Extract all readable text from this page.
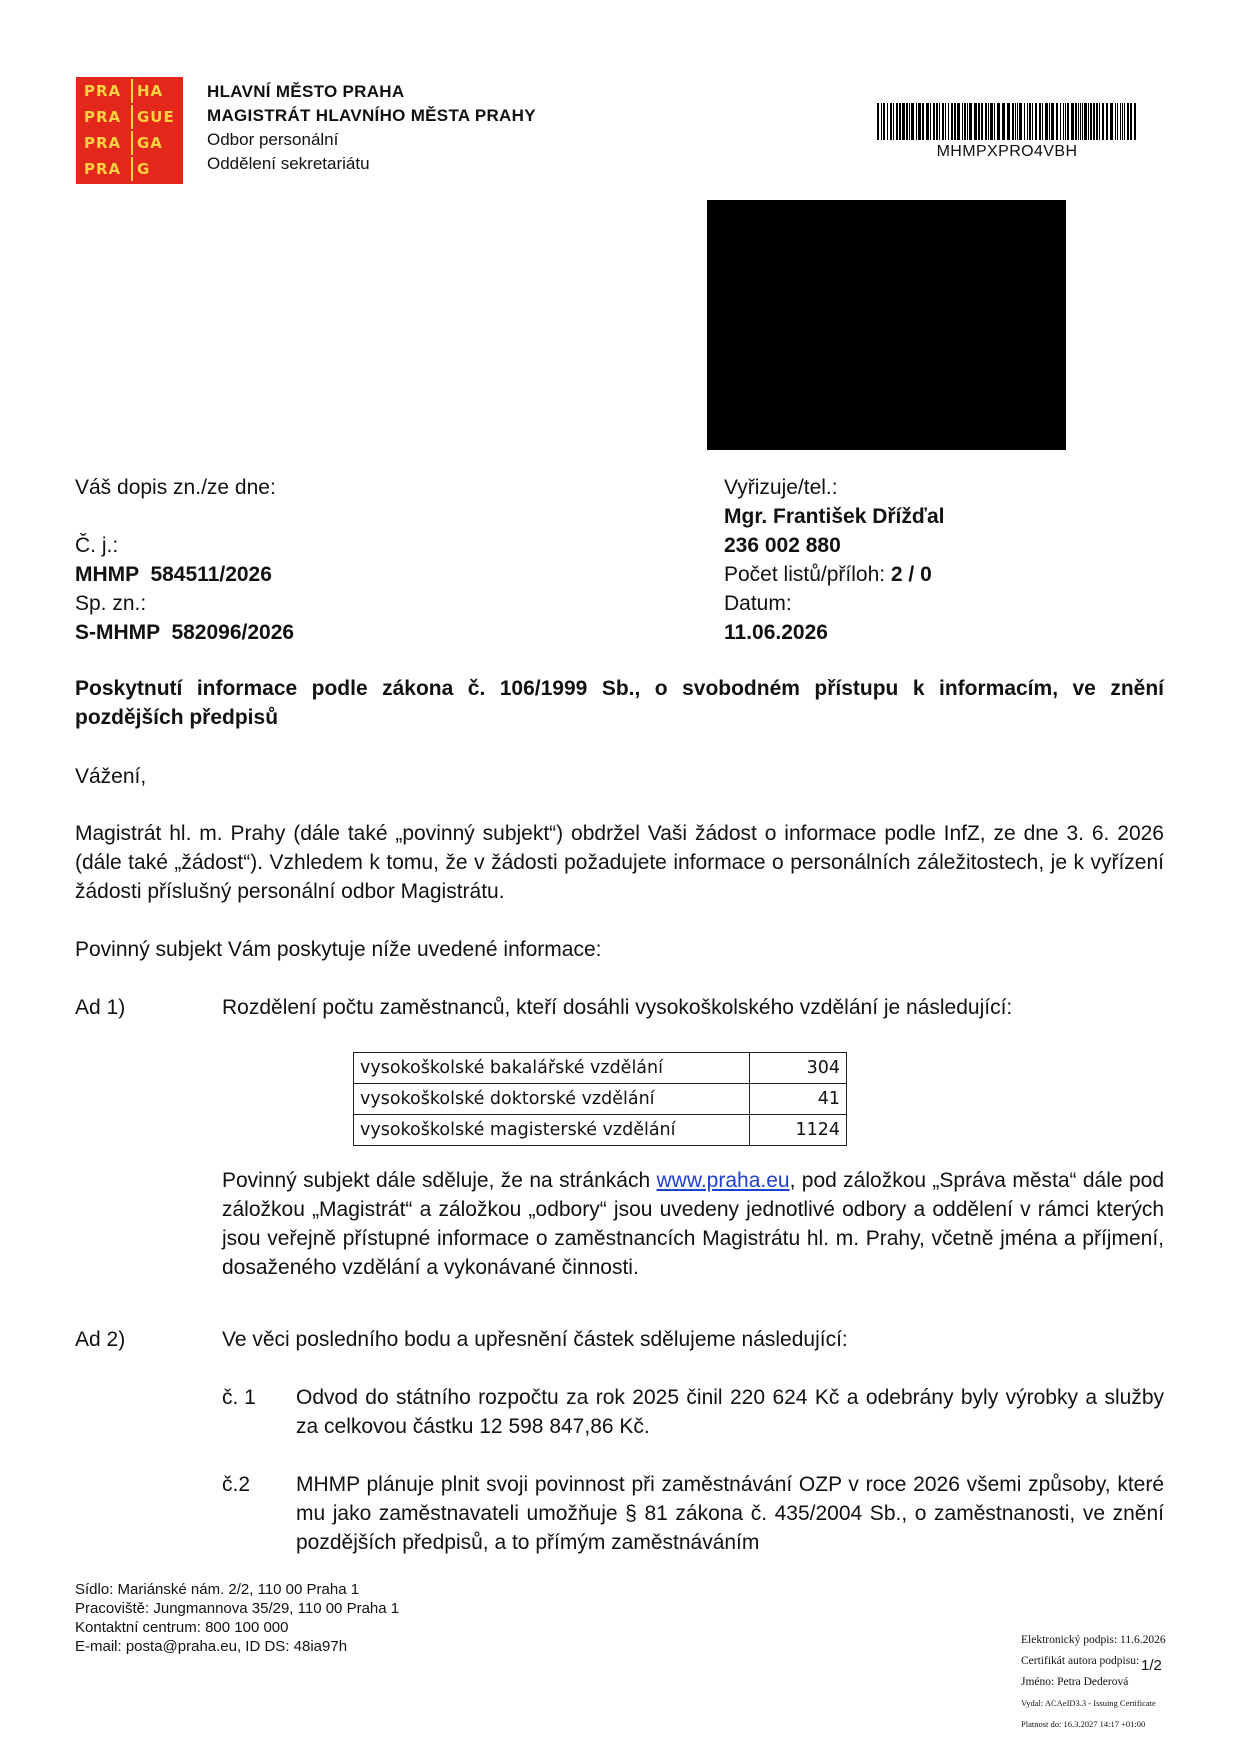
PRA HA
PRA GUE
PRA GA
PRA G
HLAVNÍ MĚSTO PRAHA
MAGISTRÁT HLAVNÍHO MĚSTA PRAHY
Odbor personální
Oddělení sekretariátu
MHMPXPRO4VBH
Váš dopis zn./ze dne:

Č. j.:
MHMP  584511/2026
Sp. zn.:
S-MHMP  582096/2026
Vyřizuje/tel.:
Mgr. František Dřížďal
236 002 880
Počet listů/příloh: 2 / 0
Datum:
11.06.2026
Poskytnutí informace podle zákona č. 106/1999 Sb., o svobodném přístupu k informacím, ve znění pozdějších předpisů
Vážení,
Magistrát hl. m. Prahy (dále také „povinný subjekt“) obdržel Vaši žádost o informace podle InfZ, ze dne 3. 6. 2026 (dále také „žádost“). Vzhledem k tomu, že v žádosti požadujete informace o personálních záležitostech, je k vyřízení žádosti příslušný personální odbor Magistrátu.
Povinný subjekt Vám poskytuje níže uvedené informace:
Ad 1)	Rozdělení počtu zaměstnanců, kteří dosáhli vysokoškolského vzdělání je následující:
vysokoškolské bakalářské vzdělání	304
vysokoškolské doktorské vzdělání	41
vysokoškolské magisterské vzdělání	1124
Povinný subjekt dále sděluje, že na stránkách www.praha.eu, pod záložkou „Správa města“ dále pod záložkou „Magistrát“ a záložkou „odbory“ jsou uvedeny jednotlivé odbory a oddělení v rámci kterých jsou veřejně přístupné informace o zaměstnancích Magistrátu hl. m. Prahy, včetně jména a příjmení, dosaženého vzdělání a vykonávané činnosti.
Ad 2)	Ve věci posledního bodu a upřesnění částek sdělujeme následující:
č. 1 Odvod do státního rozpočtu za rok 2025 činil 220 624 Kč a odebrány byly výrobky a služby za celkovou částku 12 598 847,86 Kč.
č.2 MHMP plánuje plnit svoji povinnost při zaměstnávání OZP v roce 2026 všemi způsoby, které mu jako zaměstnavateli umožňuje § 81 zákona č. 435/2004 Sb., o zaměstnanosti, ve znění pozdějších předpisů, a to přímým zaměstnáváním
Sídlo: Mariánské nám. 2/2, 110 00 Praha 1
Pracoviště: Jungmannova 35/29, 110 00 Praha 1
Kontaktní centrum: 800 100 000
E-mail: posta@praha.eu, ID DS: 48ia97h	Elektronický podpis: 11.6.2026
Certifikát autora podpisu:
Jméno: Petra Dederová
Vydal: ACAeID3.3 - Issuing Certificate
Platnost do: 16.3.2027 14:17 +01:00
1/2
